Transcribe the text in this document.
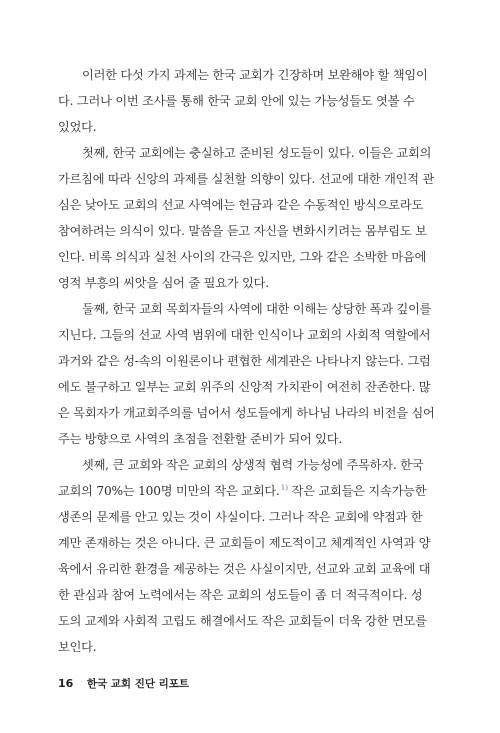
이러한 다섯 가지 과제는 한국 교회가 긴장하며 보완해야 할 책임이
다. 그러나 이번 조사를 통해 한국 교회 안에 있는 가능성들도 엿볼 수
있었다.

첫째, 한국 교회에는 충실하고 준비된 성도들이 있다. 이들은 교회의
가르침에 따라 신앙의 과제를 실천할 의향이 있다. 선교에 대한 개인적 관
심은 낮아도 교회의 선교 사역에는 헌금과 같은 수동적인 방식으로라도
참여하려는 의식이 있다. 말씀을 듣고 자신을 변화시키려는 몸부림도 보
인다. 비록 의식과 실천 사이의 간극은 있지만, 그와 같은 소박한 마음에
영적 부흥의 씨앗을 심어 줄 필요가 있다.

둘째, 한국 교회 목회자들의 사역에 대한 이해는 상당한 폭과 깊이를
지닌다. 그들의 선교 사역 범위에 대한 인식이나 교회의 사회적 역할에서
과거와 같은 성-속의 이원론이나 편협한 세계관은 나타나지 않는다. 그럼
에도 불구하고 일부는 교회 위주의 신앙적 가치관이 여전히 잔존한다. 많
은 목회자가 개교회주의를 넘어서 성도들에게 하나님 나라의 비전을 심어
주는 방향으로 사역의 초점을 전환할 준비가 되어 있다.

셋째, 큰 교회와 작은 교회의 상생적 협력 가능성에 주목하자. 한국
교회의 70%는 100명 미만의 작은 교회다.$^{1)}$ 작은 교회들은 지속가능한
생존의 문제를 안고 있는 것이 사실이다. 그러나 작은 교회에 약점과 한
계만 존재하는 것은 아니다. 큰 교회들이 제도적이고 체계적인 사역과 양
육에서 유리한 환경을 제공하는 것은 사실이지만, 선교와 교회 교육에 대
한 관심과 참여 노력에서는 작은 교회의 성도들이 좀 더 적극적이다. 성
도의 교제와 사회적 고립도 해결에서도 작은 교회들이 더욱 강한 면모를
보인다.

16 한국 교회 진단 리포트
